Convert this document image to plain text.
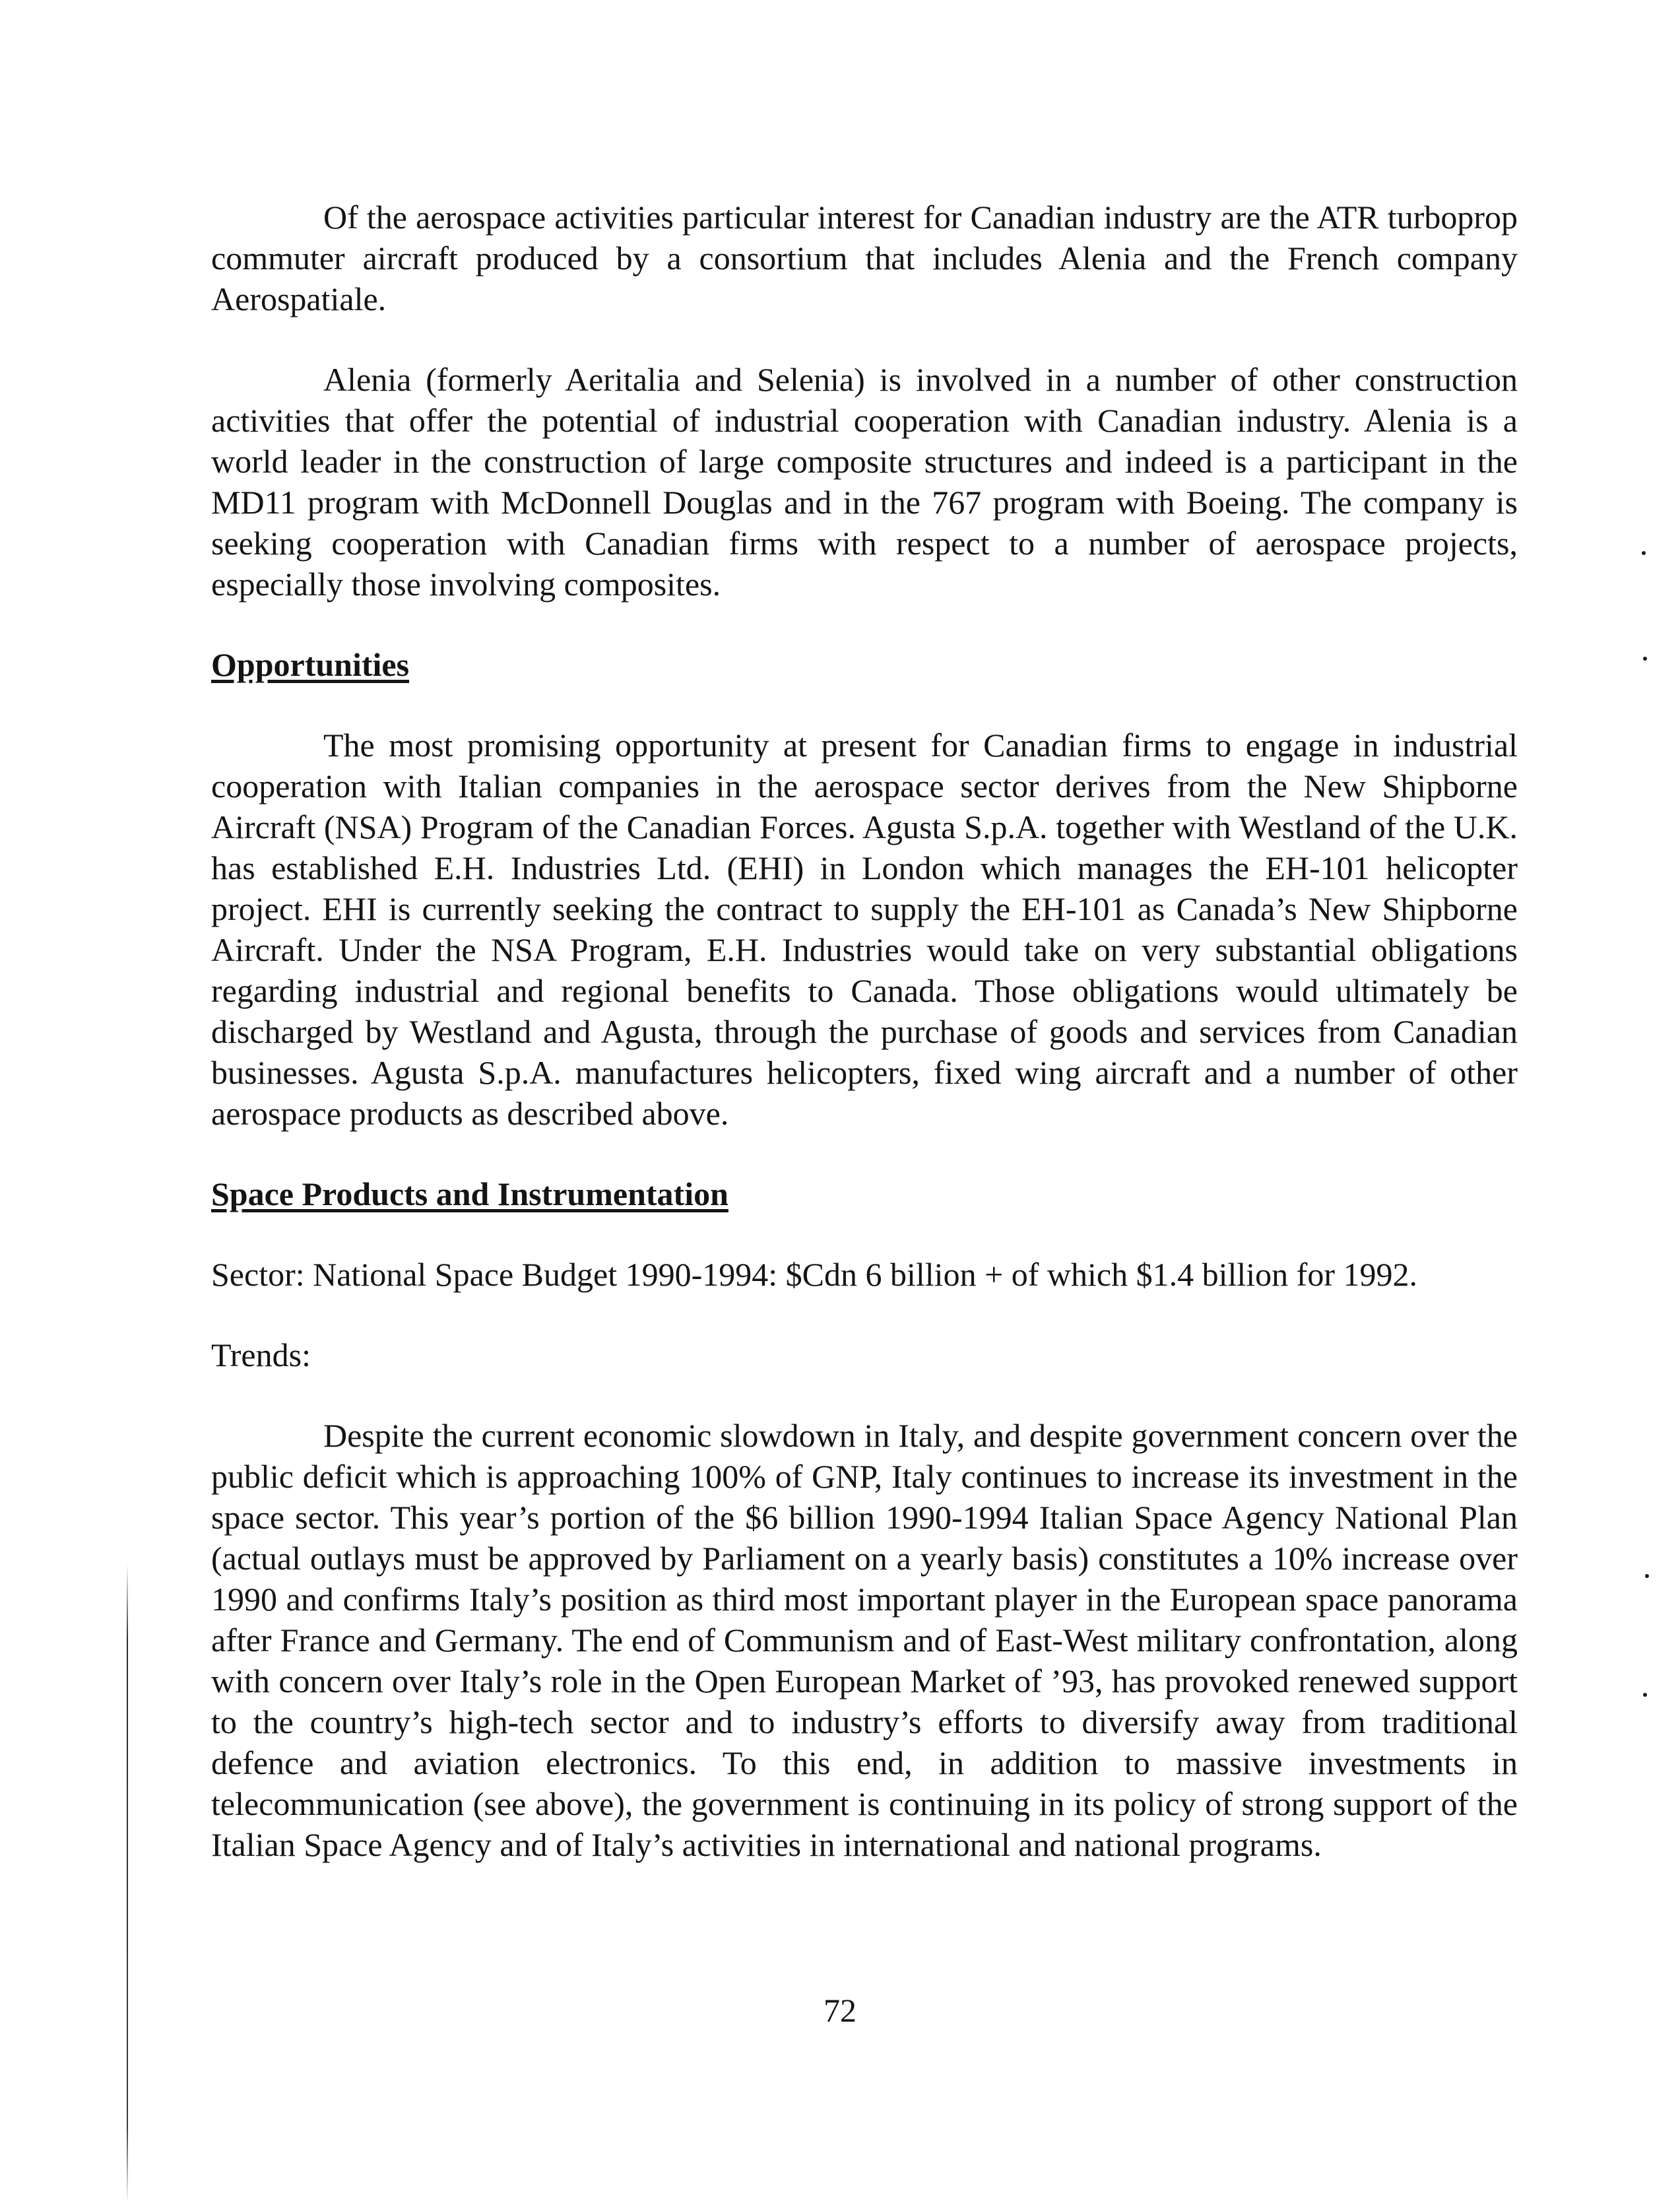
Of the aerospace activities particular interest for Canadian industry are the ATR turboprop commuter aircraft produced by a consortium that includes Alenia and the French company Aerospatiale.

Alenia (formerly Aeritalia and Selenia) is involved in a number of other construction activities that offer the potential of industrial cooperation with Canadian industry. Alenia is a world leader in the construction of large composite structures and indeed is a participant in the MD11 program with McDonnell Douglas and in the 767 program with Boeing. The company is seeking cooperation with Canadian firms with respect to a number of aerospace projects, especially those involving composites.

Opportunities

The most promising opportunity at present for Canadian firms to engage in industrial cooperation with Italian companies in the aerospace sector derives from the New Shipborne Aircraft (NSA) Program of the Canadian Forces. Agusta S.p.A. together with Westland of the U.K. has established E.H. Industries Ltd. (EHI) in London which manages the EH-101 helicopter project. EHI is currently seeking the contract to supply the EH-101 as Canada’s New Shipborne Aircraft. Under the NSA Program, E.H. Industries would take on very substantial obligations regarding industrial and regional benefits to Canada. Those obligations would ultimately be discharged by Westland and Agusta, through the purchase of goods and services from Canadian businesses. Agusta S.p.A. manufactures helicopters, fixed wing aircraft and a number of other aerospace products as described above.

Space Products and Instrumentation
Sector: National Space Budget 1990-1994: $Cdn 6 billion + of which $1.4 billion for 1992.
Trends:

Despite the current economic slowdown in Italy, and despite government concern over the public deficit which is approaching 100% of GNP, Italy continues to increase its investment in the space sector. This year’s portion of the $6 billion 1990-1994 Italian Space Agency National Plan (actual outlays must be approved by Parliament on a yearly basis) constitutes a 10% increase over 1990 and confirms Italy’s position as third most important player in the European space panorama after France and Germany. The end of Communism and of East-West military confrontation, along with concern over Italy’s role in the Open European Market of ’93, has provoked renewed support to the country’s high-tech sector and to industry’s efforts to diversify away from traditional defence and aviation electronics. To this end, in addition to massive investments in telecommunication (see above), the government is continuing in its policy of strong support of the Italian Space Agency and of Italy’s activities in international and national programs.

72
